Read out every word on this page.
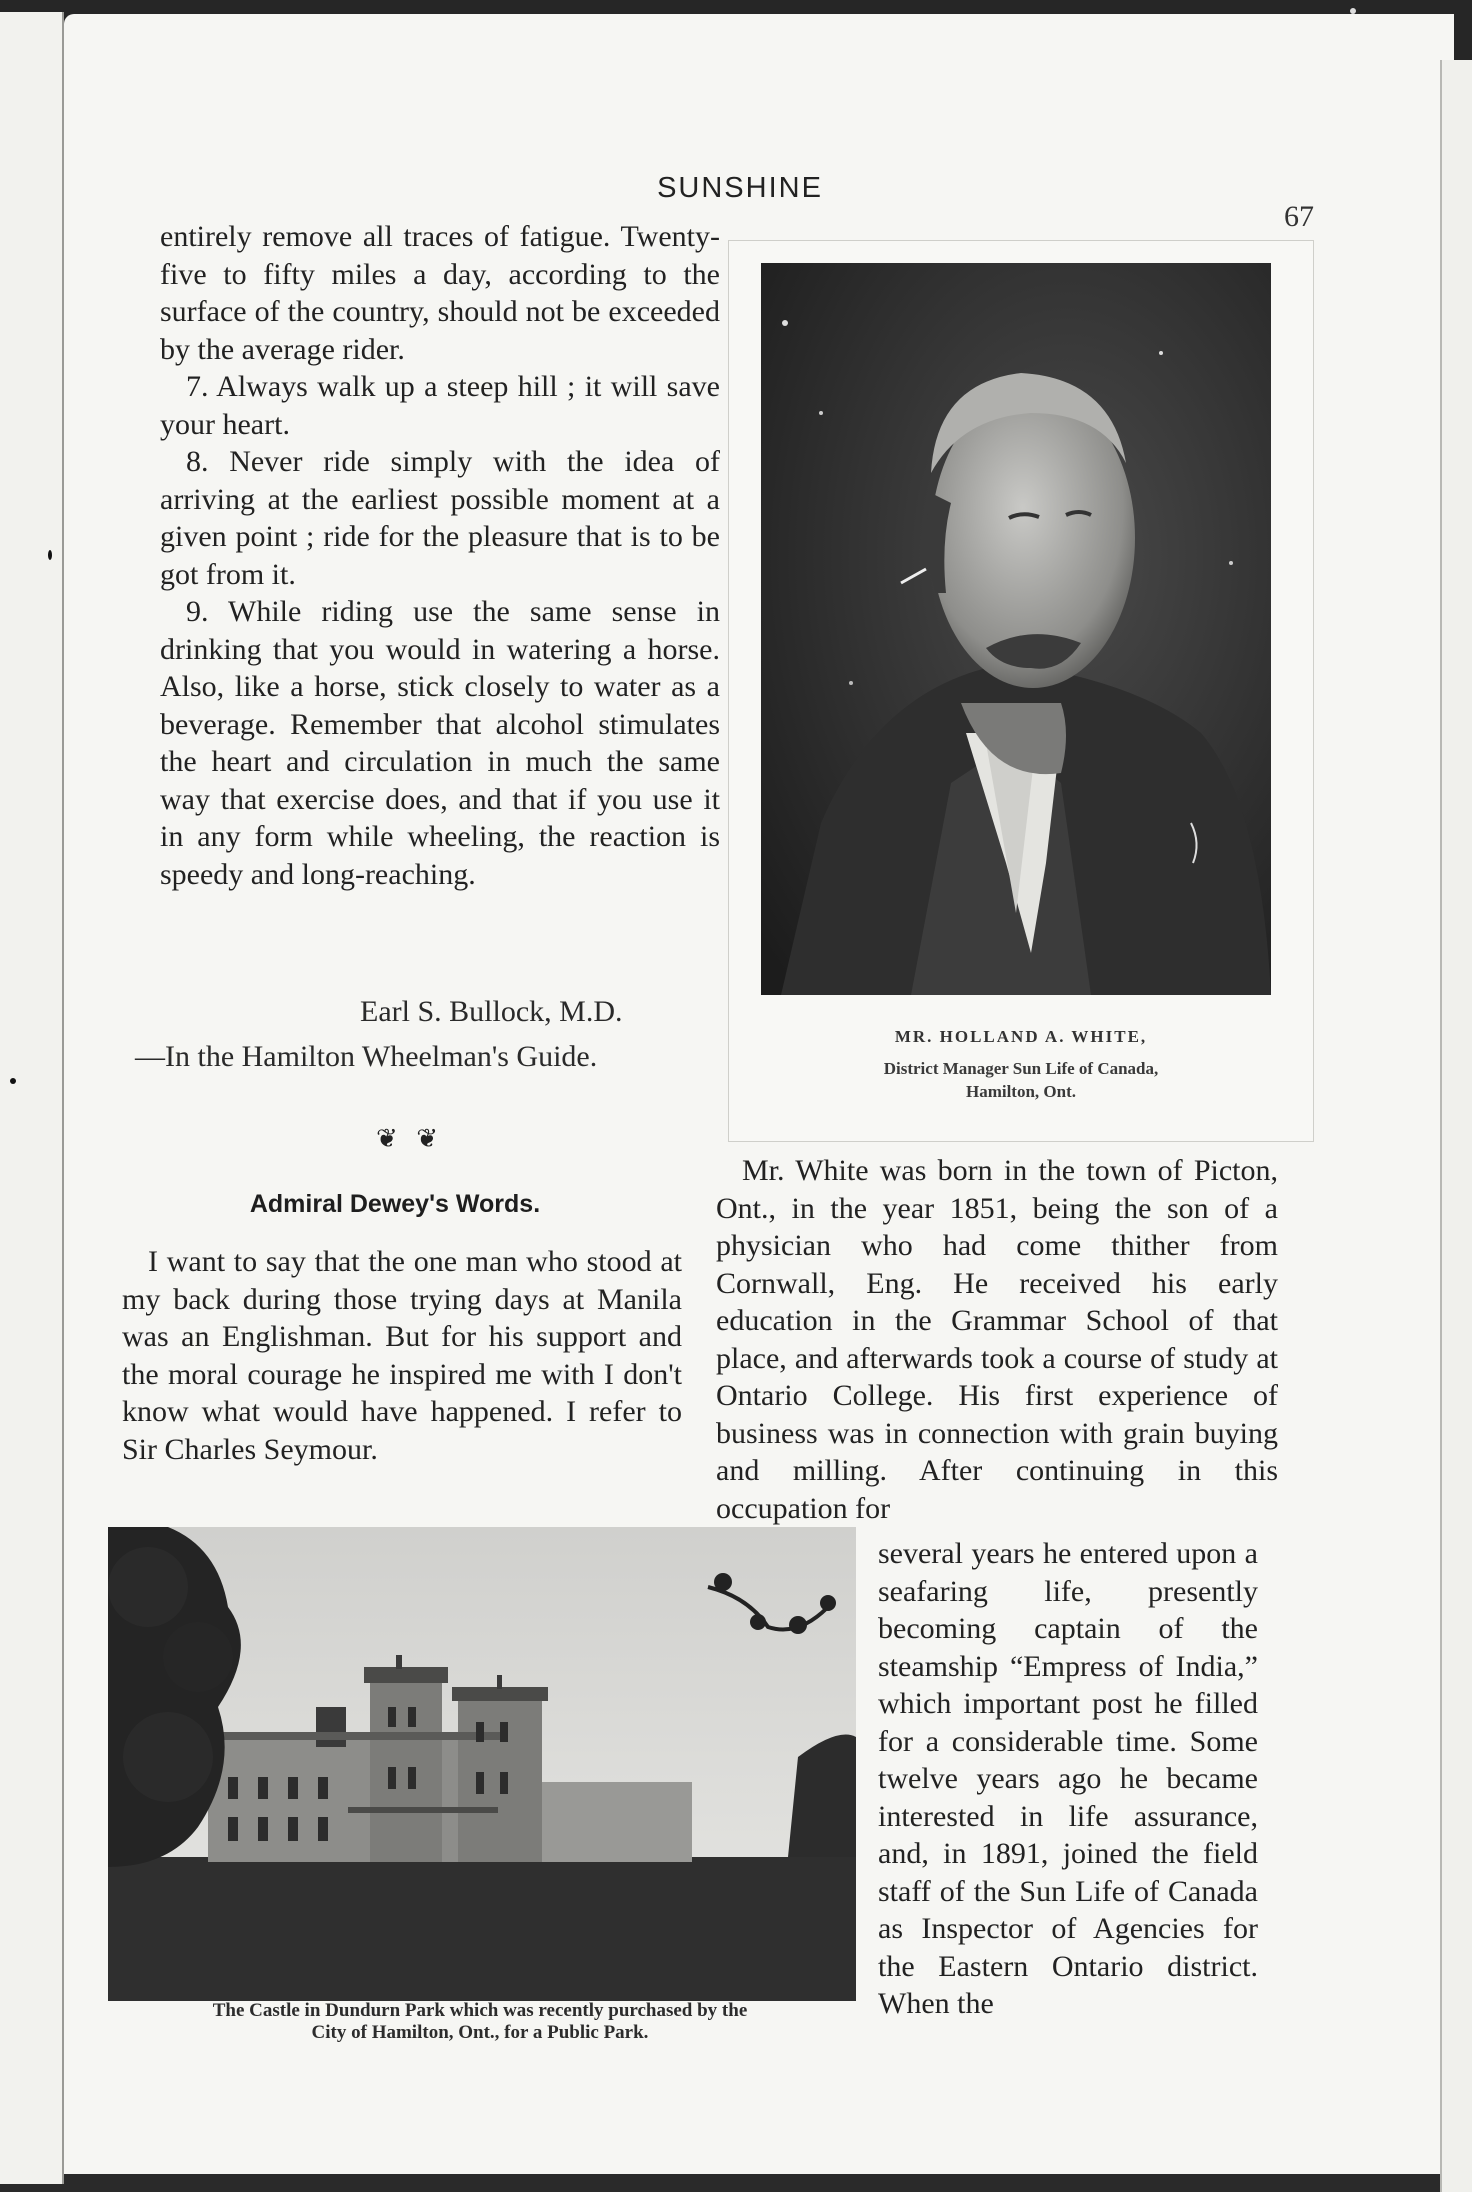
SUNSHINE
67

entirely remove all traces of fatigue. Twenty-five to fifty miles a day, according to the surface of the country, should not be exceeded by the average rider.

7. Always walk up a steep hill ; it will save your heart.

8. Never ride simply with the idea of arriving at the earliest possible moment at a given point ; ride for the pleasure that is to be got from it.

9. While riding use the same sense in drinking that you would in watering a horse. Also, like a horse, stick closely to water as a beverage. Remember that alcohol stimulates the heart and circulation in much the same way that exercise does, and that if you use it in any form while wheeling, the reaction is speedy and long-reaching.

Earl S. Bullock, M.D.
—In the Hamilton Wheelman's Guide.
❦ ❦
Admiral Dewey's Words.

I want to say that the one man who stood at my back during those trying days at Manila was an Englishman. But for his support and the moral courage he inspired me with I don't know what would have happened. I refer to Sir Charles Seymour.

MR. HOLLAND A. WHITE,
District Manager Sun Life of Canada,
Hamilton, Ont.

Mr. White was born in the town of Picton, Ont., in the year 1851, being the son of a physician who had come thither from Cornwall, Eng. He received his early education in the Grammar School of that place, and afterwards took a course of study at Ontario College. His first experience of business was in connection with grain buying and milling. After continuing in this occupation for

several years he entered upon a seafaring life, presently becoming captain of the steamship “Empress of India,” which important post he filled for a considerable time. Some twelve years ago he became interested in life assurance, and, in 1891, joined the field staff of the Sun Life of Canada as Inspector of Agencies for the Eastern Ontario district. When the

The Castle in Dundurn Park which was recently purchased by the
City of Hamilton, Ont., for a Public Park.
